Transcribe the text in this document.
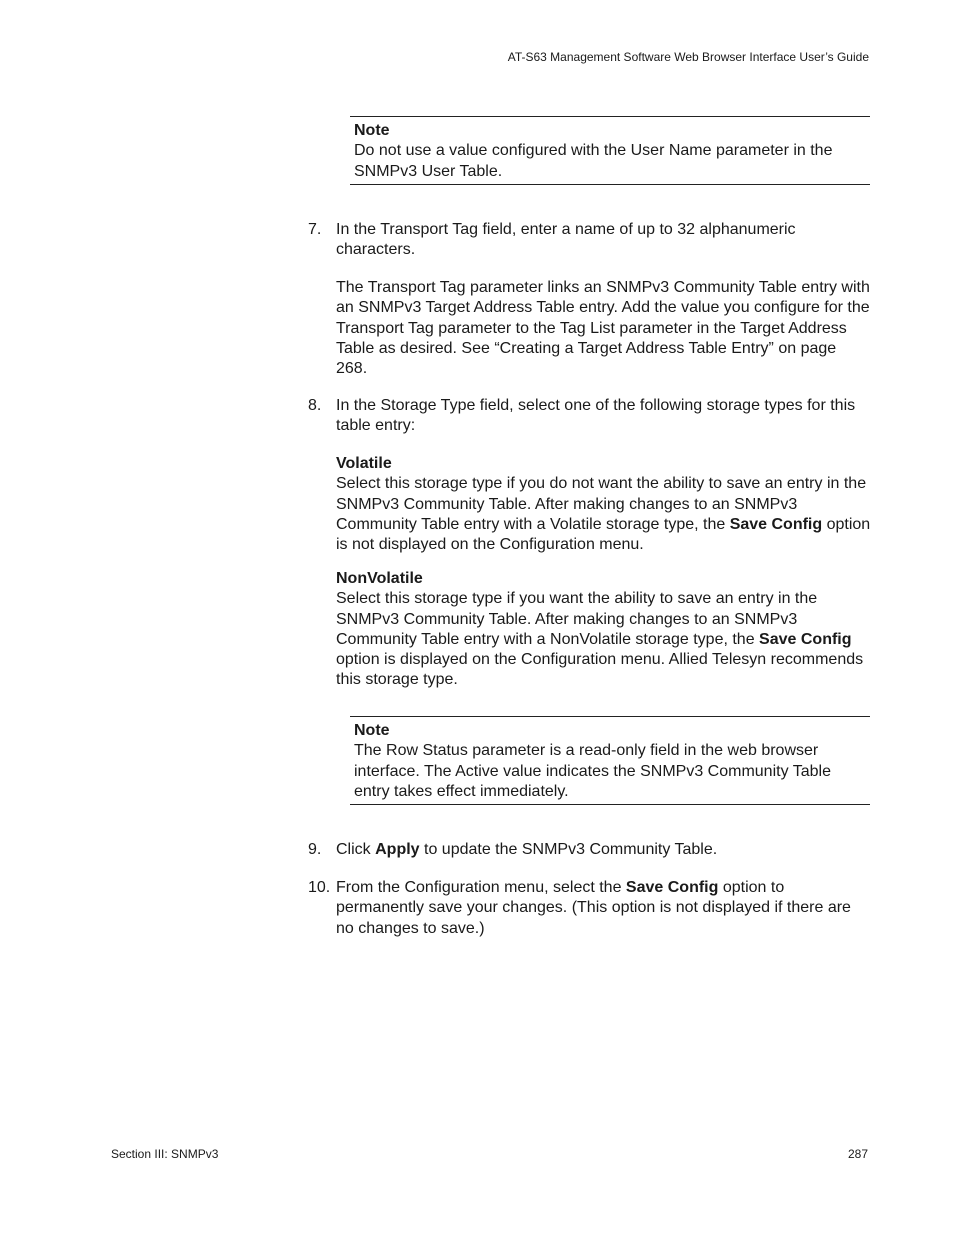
AT-S63 Management Software Web Browser Interface User’s Guide
Note
Do not use a value configured with the User Name parameter in the SNMPv3 User Table.
7. In the Transport Tag field, enter a name of up to 32 alphanumeric characters.
The Transport Tag parameter links an SNMPv3 Community Table entry with an SNMPv3 Target Address Table entry. Add the value you configure for the Transport Tag parameter to the Tag List parameter in the Target Address Table as desired. See “Creating a Target Address Table Entry” on page 268.
8. In the Storage Type field, select one of the following storage types for this table entry:
Volatile
Select this storage type if you do not want the ability to save an entry in the SNMPv3 Community Table. After making changes to an SNMPv3 Community Table entry with a Volatile storage type, the Save Config option is not displayed on the Configuration menu.
NonVolatile
Select this storage type if you want the ability to save an entry in the SNMPv3 Community Table. After making changes to an SNMPv3 Community Table entry with a NonVolatile storage type, the Save Config option is displayed on the Configuration menu. Allied Telesyn recommends this storage type.
Note
The Row Status parameter is a read-only field in the web browser interface. The Active value indicates the SNMPv3 Community Table entry takes effect immediately.
9. Click Apply to update the SNMPv3 Community Table.
10. From the Configuration menu, select the Save Config option to permanently save your changes. (This option is not displayed if there are no changes to save.)
Section III: SNMPv3	287
